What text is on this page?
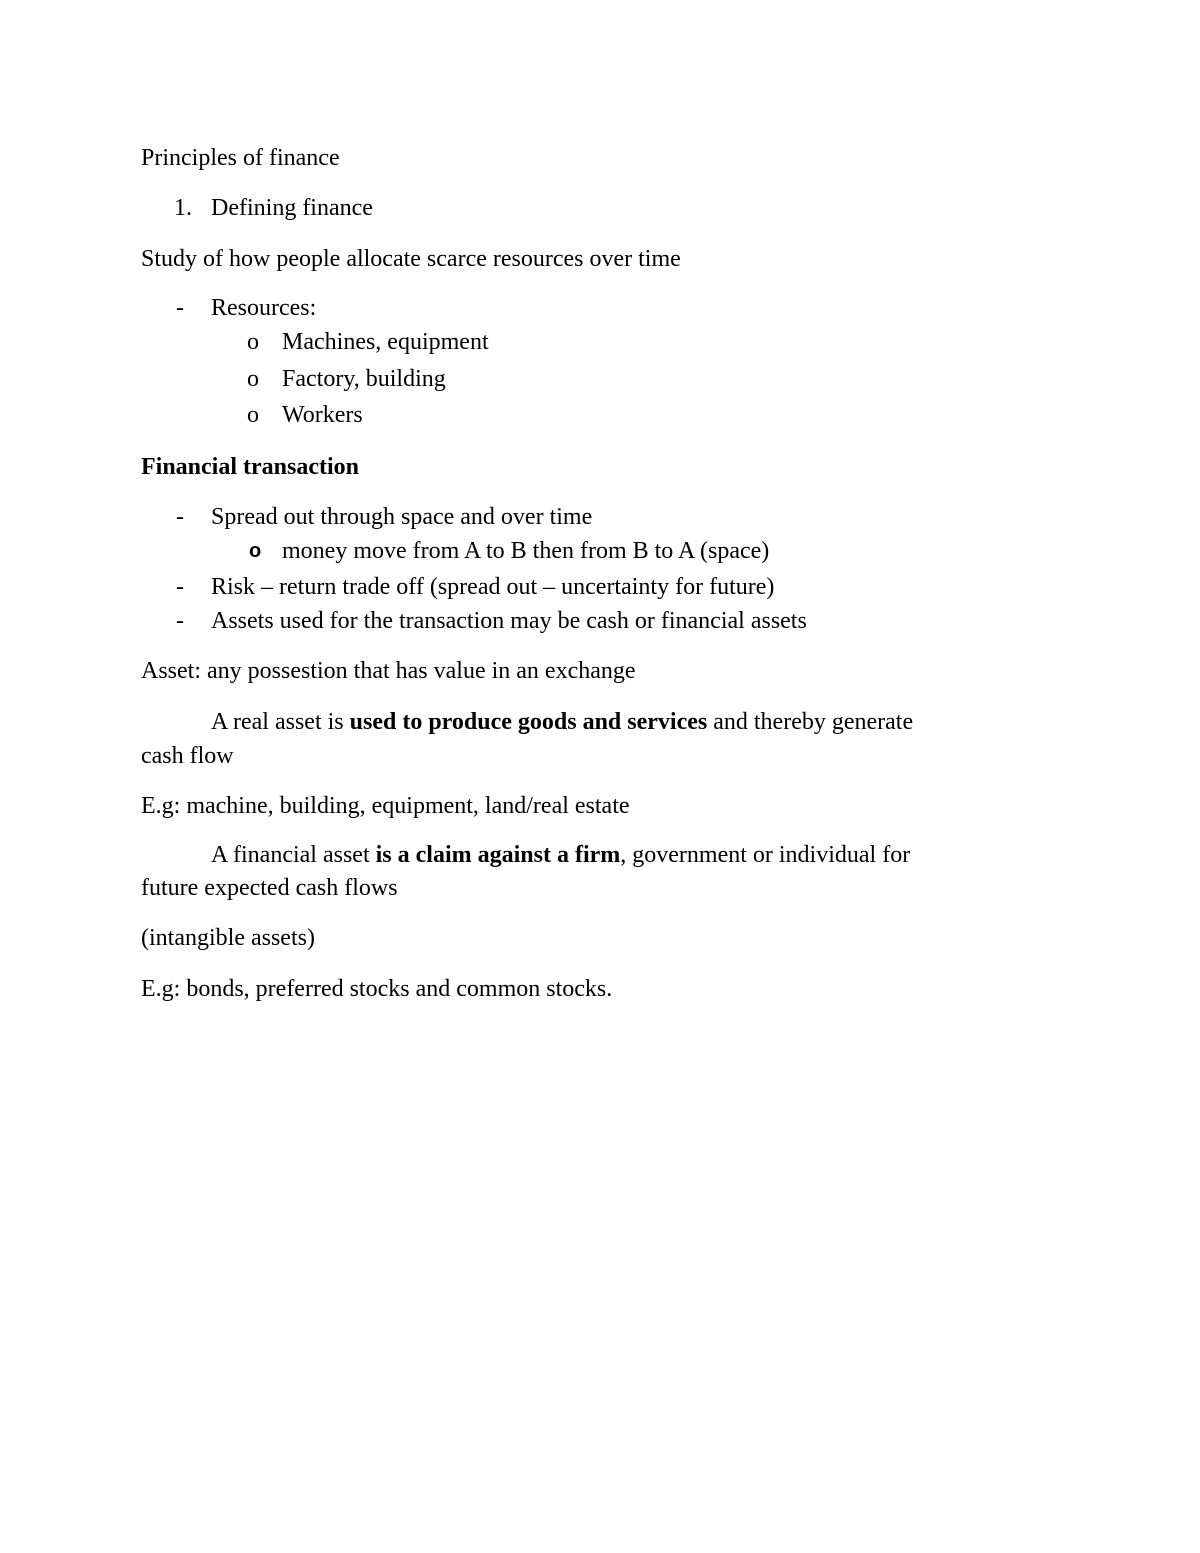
Principles of finance
1. Defining finance
Study of how people allocate scarce resources over time
- Resources:
o Machines, equipment
o Factory, building
o Workers
Financial transaction
- Spread out through space and over time
o money move from A to B then from B to A (space)
- Risk – return trade off (spread out – uncertainty for future)
- Assets used for the transaction may be cash or financial assets
Asset: any possestion that has value in an exchange
A real asset is used to produce goods and services and thereby generate
cash flow
E.g: machine, building, equipment, land/real estate
A financial asset is a claim against a firm, government or individual for
future expected cash flows
(intangible assets)
E.g: bonds, preferred stocks and common stocks.
